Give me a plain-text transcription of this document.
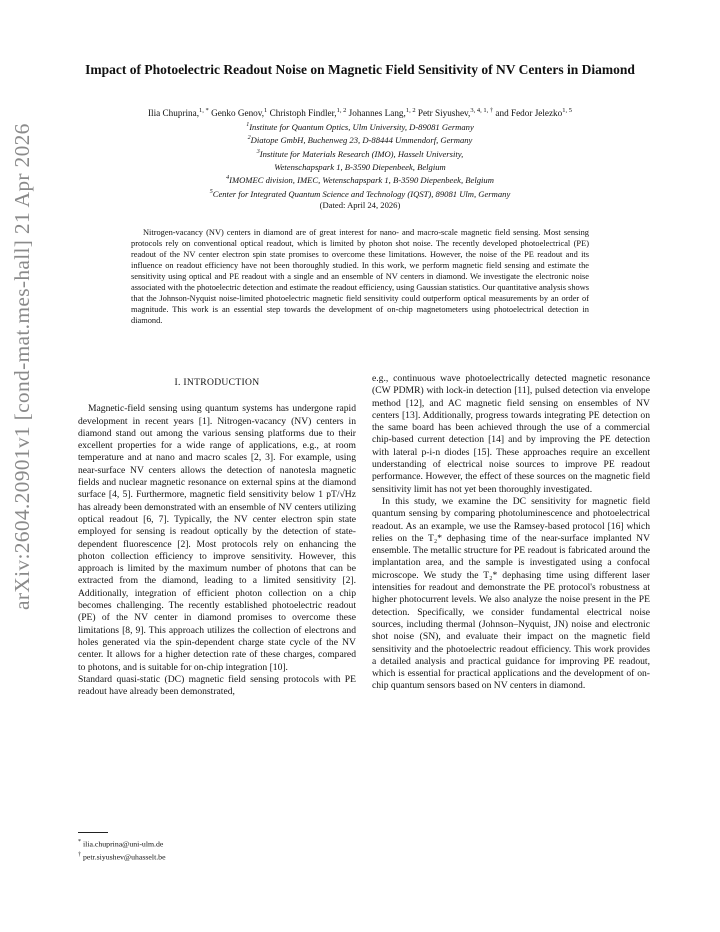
arXiv:2604.20901v1 [cond-mat.mes-hall] 21 Apr 2026
Impact of Photoelectric Readout Noise on Magnetic Field Sensitivity of NV Centers in Diamond
Ilia Chuprina,$^{1, *}$ Genko Genov,$^1$ Christoph Findler,$^{1, 2}$ Johannes Lang,$^{1, 2}$ Petr Siyushev,$^{3, 4, 1, \dagger}$ and Fedor Jelezko$^{1, 5}$
$^1$Institute for Quantum Optics, Ulm University, D-89081 Germany
$^2$Diatope GmbH, Buchenweg 23, D-88444 Ummendorf, Germany
$^3$Institute for Materials Research (IMO), Hasselt University,
Wetenschapspark 1, B-3590 Diepenbeek, Belgium
$^4$IMOMEC division, IMEC, Wetenschapspark 1, B-3590 Diepenbeek, Belgium
$^5$Center for Integrated Quantum Science and Technology (IQST), 89081 Ulm, Germany
(Dated: April 24, 2026)

Nitrogen-vacancy (NV) centers in diamond are of great interest for nano- and macro-scale magnetic field sensing. Most sensing protocols rely on conventional optical readout, which is limited by photon shot noise. The recently developed photoelectrical (PE) readout of the NV center electron spin state promises to overcome these limitations. However, the noise of the PE readout and its influence on readout efficiency have not been thoroughly studied. In this work, we perform magnetic field sensing and estimate the sensitivity using optical and PE readout with a single and an ensemble of NV centers in diamond. We investigate the electronic noise associated with the photoelectric detection and estimate the readout efficiency, using Gaussian statistics. Our quantitative analysis shows that the Johnson-Nyquist noise-limited photoelectric magnetic field sensitivity could outperform optical measurements by an order of magnitude. This work is an essential step towards the development of on-chip magnetometers using photoelectrical detection in diamond.

I. INTRODUCTION

Magnetic-field sensing using quantum systems has undergone rapid development in recent years [1]. Nitrogen-vacancy (NV) centers in diamond stand out among the various sensing platforms due to their excellent properties for a wide range of applications, e.g., at room temperature and at nano and macro scales [2, 3]. For example, using near-surface NV centers allows the detection of nanotesla magnetic fields and nuclear magnetic resonance on external spins at the diamond surface [4, 5]. Furthermore, magnetic field sensitivity below 1 pT/√Hz has already been demonstrated with an ensemble of NV centers utilizing optical readout [6, 7]. Typically, the NV center electron spin state employed for sensing is readout optically by the detection of state-dependent fluorescence [2]. Most protocols rely on enhancing the photon collection efficiency to improve sensitivity. However, this approach is limited by the maximum number of photons that can be extracted from the diamond, leading to a limited sensitivity [2]. Additionally, integration of efficient photon collection on a chip becomes challenging. The recently established photoelectric readout (PE) of the NV center in diamond promises to overcome these limitations [8, 9]. This approach utilizes the collection of electrons and holes generated via the spin-dependent charge state cycle of the NV center. It allows for a higher detection rate of these charges, compared to photons, and is suitable for on-chip integration [10].

Standard quasi-static (DC) magnetic field sensing protocols with PE readout have already been demonstrated,

e.g., continuous wave photoelectrically detected magnetic resonance (CW PDMR) with lock-in detection [11], pulsed detection via envelope method [12], and AC magnetic field sensing on ensembles of NV centers [13]. Additionally, progress towards integrating PE detection on the same board has been achieved through the use of a commercial chip-based current detection [14] and by improving the PE detection with lateral p-i-n diodes [15]. These approaches require an excellent understanding of electrical noise sources to improve PE readout performance. However, the effect of these sources on the magnetic field sensitivity limit has not yet been thoroughly investigated.

In this study, we examine the DC sensitivity for magnetic field quantum sensing by comparing photoluminescence and photoelectrical readout. As an example, we use the Ramsey-based protocol [16] which relies on the T₂* dephasing time of the near-surface implanted NV ensemble. The metallic structure for PE readout is fabricated around the implantation area, and the sample is investigated using a confocal microscope. We study the T₂* dephasing time using different laser intensities for readout and demonstrate the PE protocol's robustness at higher photocurrent levels. We also analyze the noise present in the PE detection. Specifically, we consider fundamental electrical noise sources, including thermal (Johnson–Nyquist, JN) noise and electronic shot noise (SN), and evaluate their impact on the magnetic field sensitivity and the photoelectric readout efficiency. This work provides a detailed analysis and practical guidance for improving PE readout, which is essential for practical applications and the development of on-chip quantum sensors based on NV centers in diamond.

* ilia.chuprina@uni-ulm.de
† petr.siyushev@uhasselt.be
